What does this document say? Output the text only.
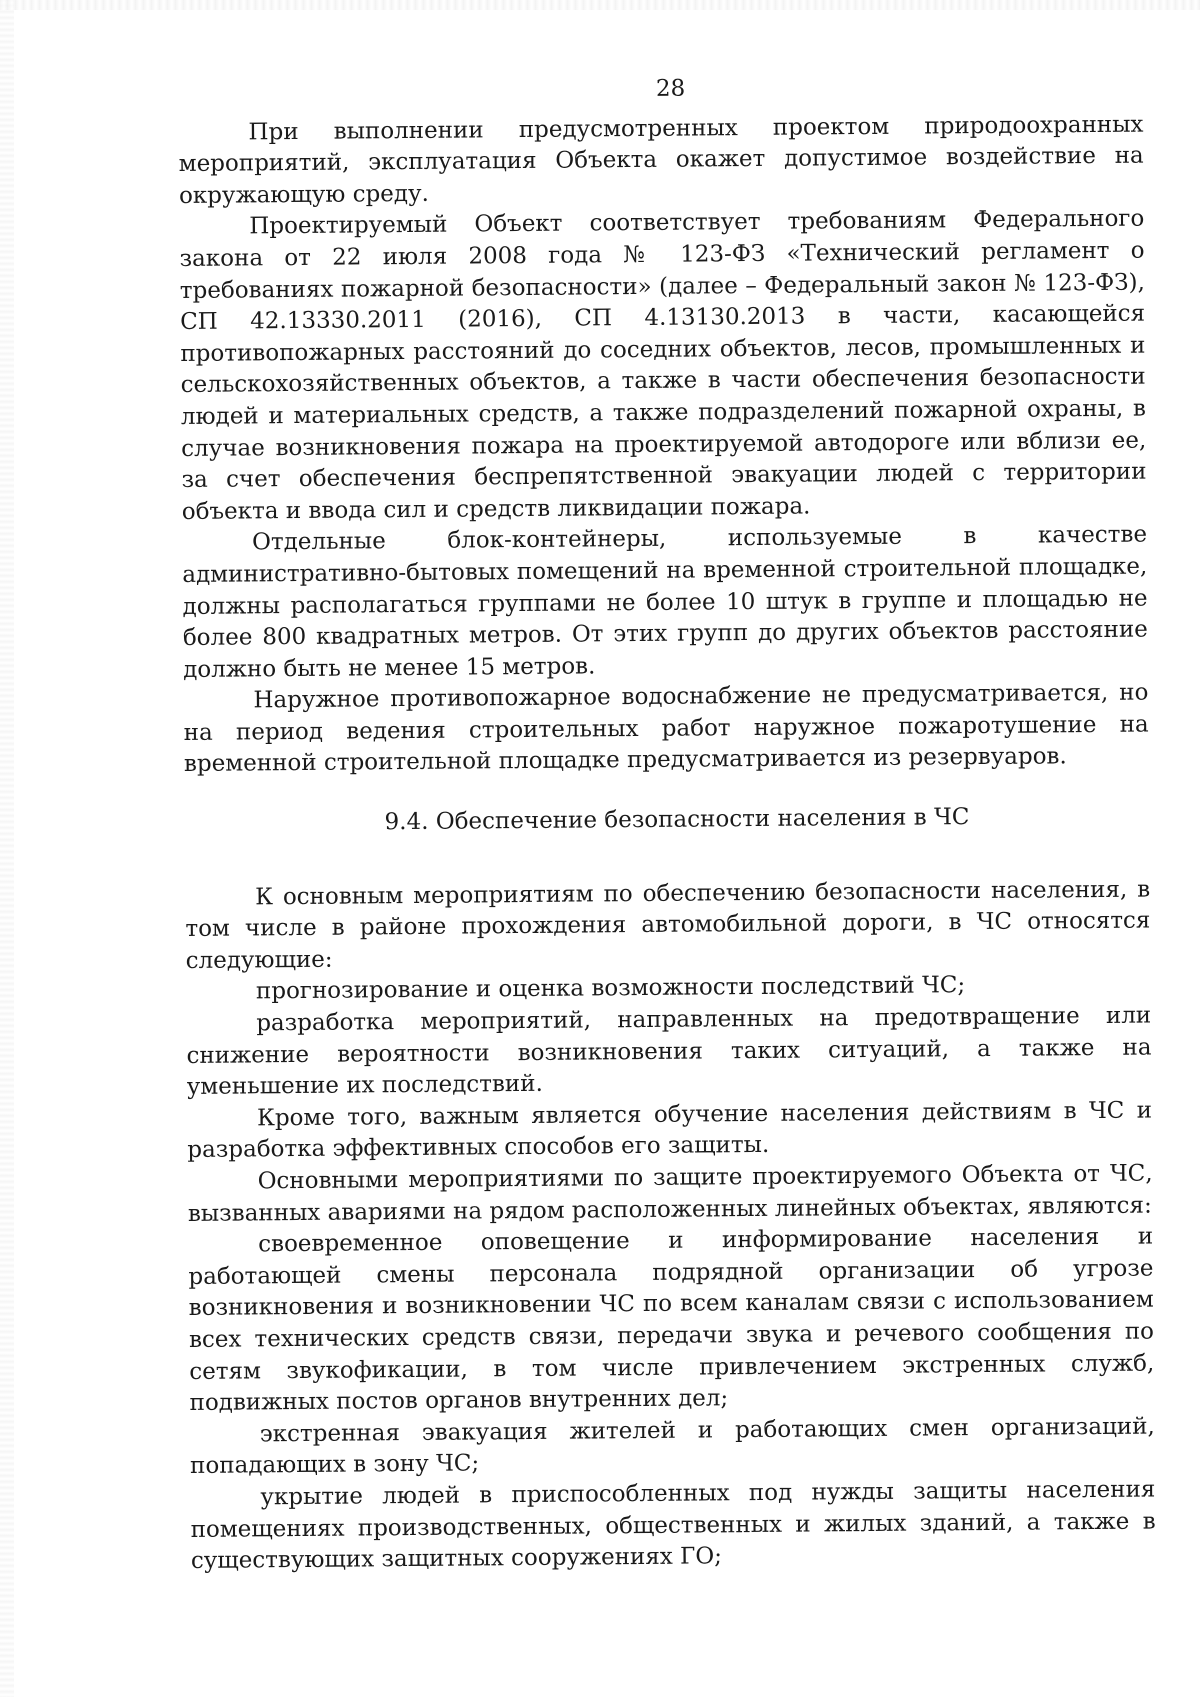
28

При выполнении предусмотренных проектом природоохранных мероприятий, эксплуатация Объекта окажет допустимое воздействие на окружающую среду.

Проектируемый Объект соответствует требованиям Федерального закона от 22 июля 2008 года № 123-ФЗ «Технический регламент о требованиях пожарной безопасности» (далее – Федеральный закон № 123-ФЗ), СП 42.13330.2011 (2016), СП 4.13130.2013 в части, касающейся противопожарных расстояний до соседних объектов, лесов, промышленных и сельскохозяйственных объектов, а также в части обеспечения безопасности людей и материальных средств, а также подразделений пожарной охраны, в случае возникновения пожара на проектируемой автодороге или вблизи ее, за счет обеспечения беспрепятственной эвакуации людей с территории объекта и ввода сил и средств ликвидации пожара.

Отдельные блок-контейнеры, используемые в качестве административно-бытовых помещений на временной строительной площадке, должны располагаться группами не более 10 штук в группе и площадью не более 800 квадратных метров. От этих групп до других объектов расстояние должно быть не менее 15 метров.

Наружное противопожарное водоснабжение не предусматривается, но на период ведения строительных работ наружное пожаротушение на временной строительной площадке предусматривается из резервуаров.

9.4. Обеспечение безопасности населения в ЧС

К основным мероприятиям по обеспечению безопасности населения, в том числе в районе прохождения автомобильной дороги, в ЧС относятся следующие:

прогнозирование и оценка возможности последствий ЧС;

разработка мероприятий, направленных на предотвращение или снижение вероятности возникновения таких ситуаций, а также на уменьшение их последствий.

Кроме того, важным является обучение населения действиям в ЧС и разработка эффективных способов его защиты.

Основными мероприятиями по защите проектируемого Объекта от ЧС, вызванных авариями на рядом расположенных линейных объектах, являются:

своевременное оповещение и информирование населения и работающей смены персонала подрядной организации об угрозе возникновения и возникновении ЧС по всем каналам связи с использованием всех технических средств связи, передачи звука и речевого сообщения по сетям звукофикации, в том числе привлечением экстренных служб, подвижных постов органов внутренних дел;

экстренная эвакуация жителей и работающих смен организаций, попадающих в зону ЧС;

укрытие людей в приспособленных под нужды защиты населения помещениях производственных, общественных и жилых зданий, а также в существующих защитных сооружениях ГО;
